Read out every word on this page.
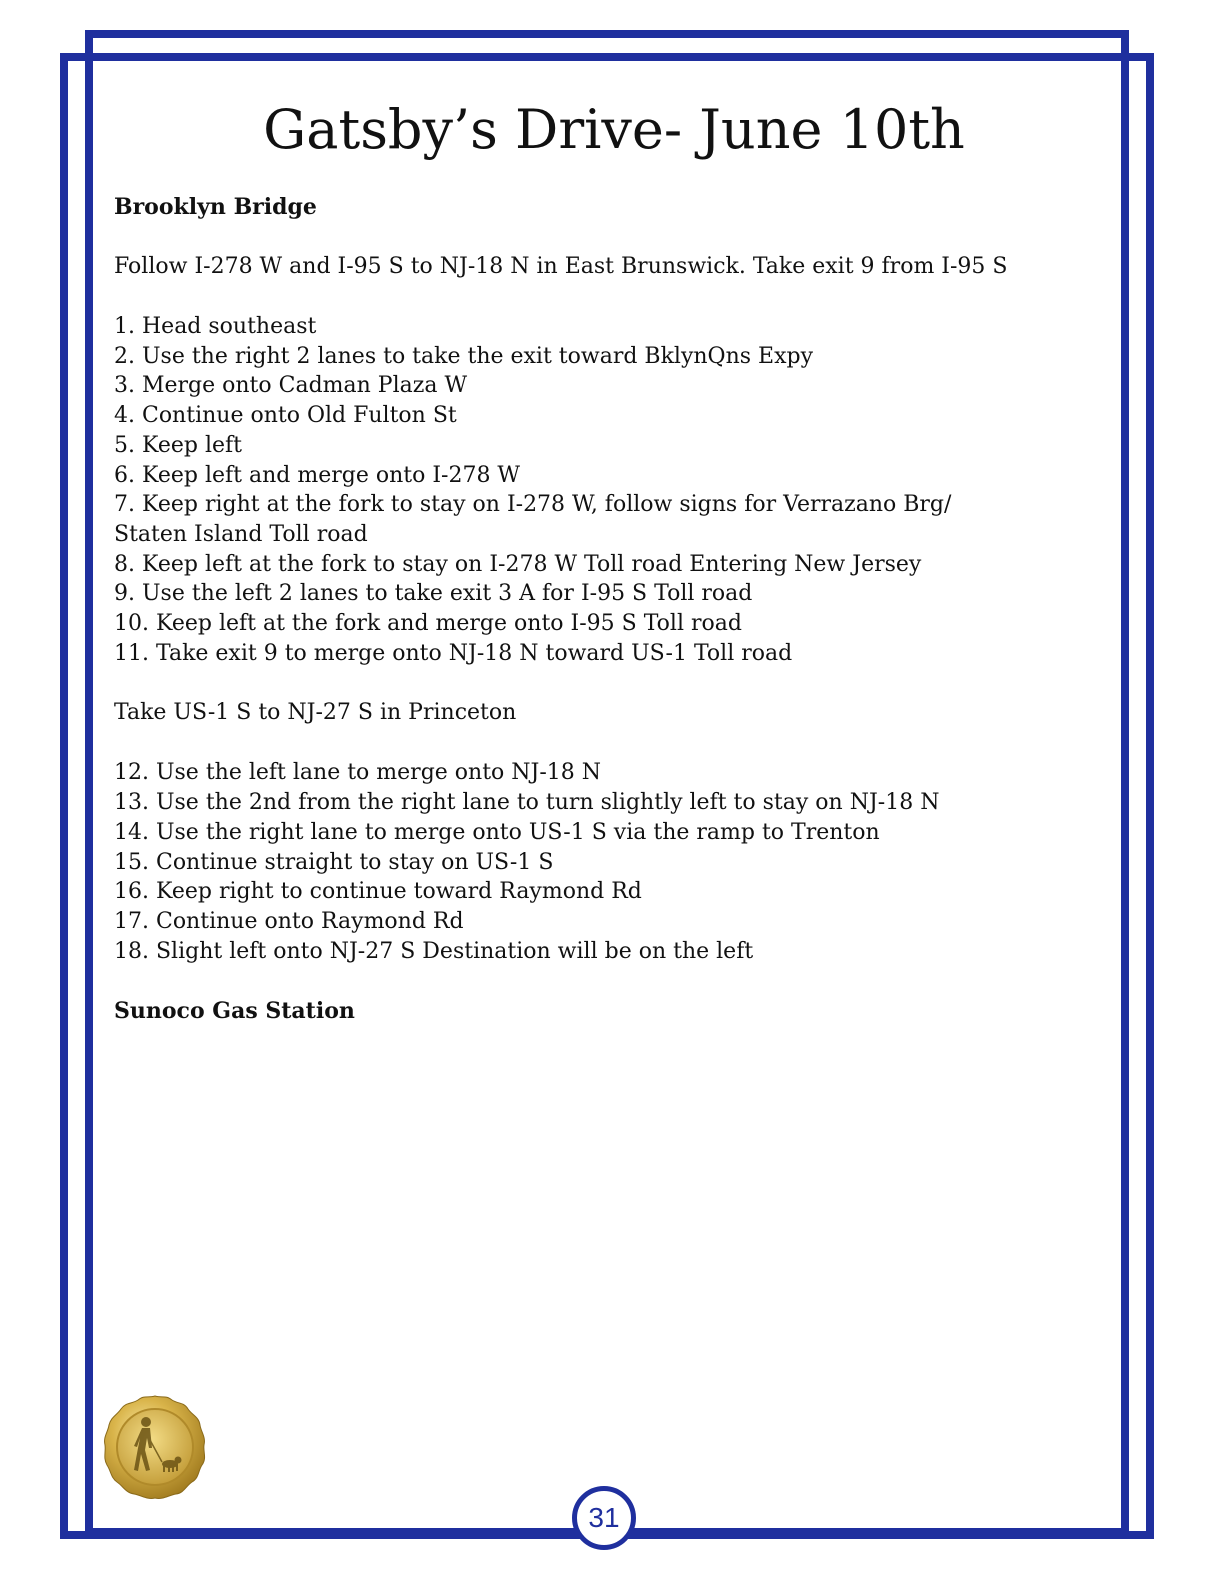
Gatsby’s Drive- June 10th

Brooklyn Bridge

Follow I-278 W and I-95 S to NJ-18 N in East Brunswick. Take exit 9 from I-95 S

1. Head southeast
2. Use the right 2 lanes to take the exit toward BklynQns Expy
3. Merge onto Cadman Plaza W
4. Continue onto Old Fulton St
5. Keep left
6. Keep left and merge onto I-278 W
7. Keep right at the fork to stay on I-278 W, follow signs for Verrazano Brg/
Staten Island Toll road
8. Keep left at the fork to stay on I-278 W Toll road Entering New Jersey
9. Use the left 2 lanes to take exit 3 A for I-95 S Toll road
10. Keep left at the fork and merge onto I-95 S Toll road
11. Take exit 9 to merge onto NJ-18 N toward US-1 Toll road

Take US-1 S to NJ-27 S in Princeton

12. Use the left lane to merge onto NJ-18 N
13. Use the 2nd from the right lane to turn slightly left to stay on NJ-18 N
14. Use the right lane to merge onto US-1 S via the ramp to Trenton
15. Continue straight to stay on US-1 S
16. Keep right to continue toward Raymond Rd
17. Continue onto Raymond Rd
18. Slight left onto NJ-27 S Destination will be on the left

Sunoco Gas Station

31
